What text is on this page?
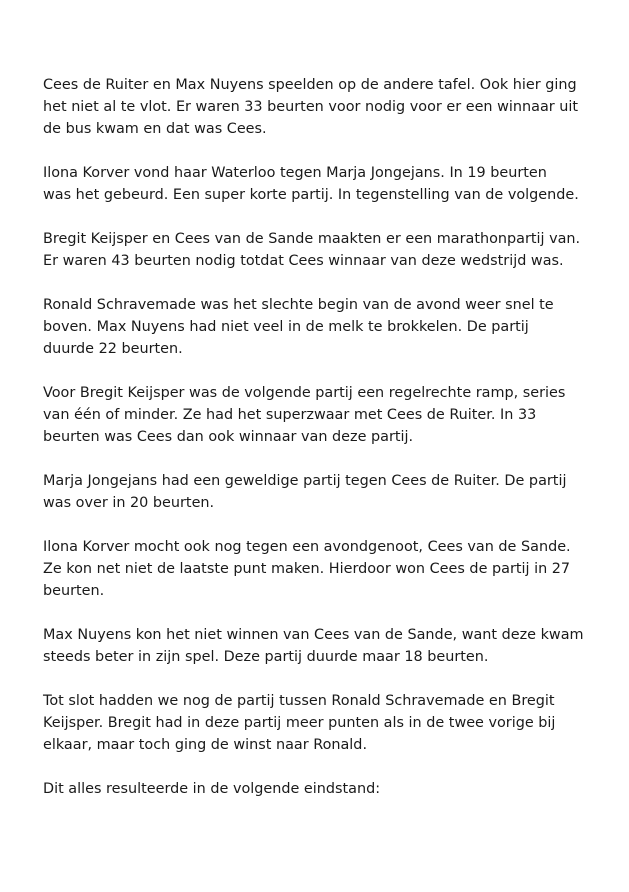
Cees de Ruiter en Max Nuyens speelden op de andere tafel. Ook hier ging
het niet al te vlot. Er waren 33 beurten voor nodig voor er een winnaar uit
de bus kwam en dat was Cees.

Ilona Korver vond haar Waterloo tegen Marja Jongejans. In 19 beurten
was het gebeurd. Een super korte partij. In tegenstelling van de volgende.

Bregit Keijsper en Cees van de Sande maakten er een marathonpartij van.
Er waren 43 beurten nodig totdat Cees winnaar van deze wedstrijd was.

Ronald Schravemade was het slechte begin van de avond weer snel te
boven. Max Nuyens had niet veel in de melk te brokkelen. De partij
duurde 22 beurten.

Voor Bregit Keijsper was de volgende partij een regelrechte ramp, series
van één of minder. Ze had het superzwaar met Cees de Ruiter. In 33
beurten was Cees dan ook winnaar van deze partij.

Marja Jongejans had een geweldige partij tegen Cees de Ruiter. De partij
was over in 20 beurten.

Ilona Korver mocht ook nog tegen een avondgenoot, Cees van de Sande.
Ze kon net niet de laatste punt maken. Hierdoor won Cees de partij in 27
beurten.

Max Nuyens kon het niet winnen van Cees van de Sande, want deze kwam
steeds beter in zijn spel. Deze partij duurde maar 18 beurten.

Tot slot hadden we nog de partij tussen Ronald Schravemade en Bregit
Keijsper. Bregit had in deze partij meer punten als in de twee vorige bij
elkaar, maar toch ging de winst naar Ronald.

Dit alles resulteerde in de volgende eindstand:
